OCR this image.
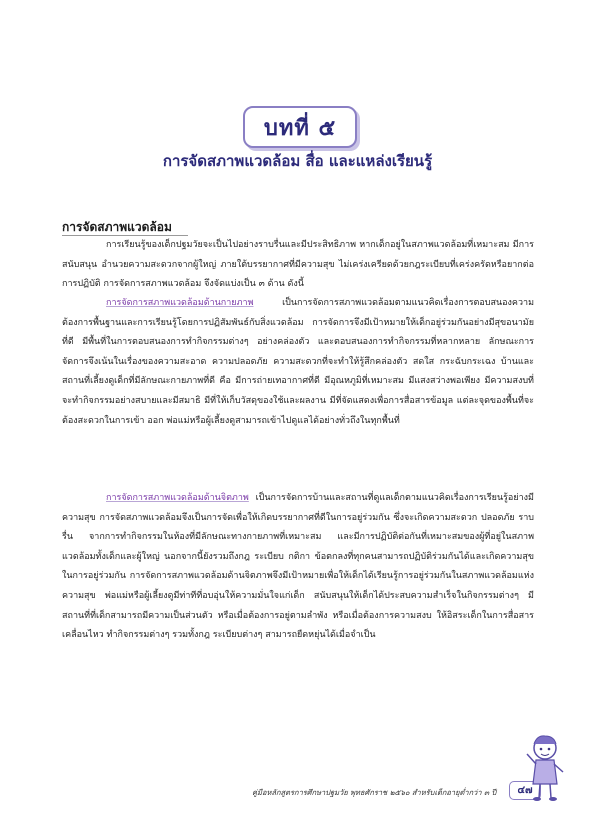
บทที่ ๕
การจัดสภาพแวดล้อม สื่อ และแหล่งเรียนรู้
การจัดสภาพแวดล้อม
การเรียนรู้ของเด็กปฐมวัยจะเป็นไปอย่างราบรื่นและมีประสิทธิภาพ หากเด็กอยู่ในสภาพแวดล้อมที่เหมาะสม มีการสนับสนุน อำนวยความสะดวกจากผู้ใหญ่ ภายใต้บรรยากาศที่มีความสุข ไม่เคร่งเครียดด้วยกฎระเบียบที่เคร่งครัดหรือยากต่อการปฏิบัติ การจัดการสภาพแวดล้อม จึงจัดแบ่งเป็น ๓ ด้าน ดังนี้
การจัดการสภาพแวดล้อมด้านกายภาพ เป็นการจัดการสภาพแวดล้อมตามแนวคิดเรื่องการตอบสนองความต้องการพื้นฐานและการเรียนรู้โดยการปฏิสัมพันธ์กับสิ่งแวดล้อม การจัดการจึงมีเป้าหมายให้เด็กอยู่ร่วมกันอย่างมีสุขอนามัยที่ดี มีพื้นที่ในการตอบสนองการทำกิจกรรมต่างๆ อย่างคล่องตัว และตอบสนองการทำกิจกรรมที่หลากหลาย ลักษณะการจัดการจึงเน้นในเรื่องของความสะอาด ความปลอดภัย ความสะดวกที่จะทำให้รู้สึกคล่องตัว สดใส กระฉับกระเฉง บ้านและสถานที่เลี้ยงดูเด็กที่มีลักษณะกายภาพที่ดี คือ มีการถ่ายเทอากาศที่ดี มีอุณหภูมิที่เหมาะสม มีแสงสว่างพอเพียง มีความสงบที่จะทำกิจกรรมอย่างสบายและมีสมาธิ มีที่ให้เก็บวัสดุของใช้และผลงาน มีที่จัดแสดงเพื่อการสื่อสารข้อมูล แต่ละจุดของพื้นที่จะต้องสะดวกในการเข้า ออก พ่อแม่หรือผู้เลี้ยงดูสามารถเข้าไปดูแลได้อย่างทั่วถึงในทุกพื้นที่
การจัดการสภาพแวดล้อมด้านจิตภาพ เป็นการจัดการบ้านและสถานที่ดูแลเด็กตามแนวคิดเรื่องการเรียนรู้อย่างมีความสุข การจัดสภาพแวดล้อมจึงเป็นการจัดเพื่อให้เกิดบรรยากาศที่ดีในการอยู่ร่วมกัน ซึ่งจะเกิดความสะดวก ปลอดภัย ราบรื่น จากการทำกิจกรรมในห้องที่มีลักษณะทางกายภาพที่เหมาะสม และมีการปฏิบัติต่อกันที่เหมาะสมของผู้ที่อยู่ในสภาพแวดล้อมทั้งเด็กและผู้ใหญ่ นอกจากนี้ยังรวมถึงกฎ ระเบียบ กติกา ข้อตกลงที่ทุกคนสามารถปฏิบัติร่วมกันได้และเกิดความสุขในการอยู่ร่วมกัน การจัดการสภาพแวดล้อมด้านจิตภาพจึงมีเป้าหมายเพื่อให้เด็กได้เรียนรู้การอยู่ร่วมกันในสภาพแวดล้อมแห่งความสุข พ่อแม่หรือผู้เลี้ยงดูมีท่าทีที่อบอุ่นให้ความมั่นใจแก่เด็ก สนับสนุนให้เด็กได้ประสบความสำเร็จในกิจกรรมต่างๆ มีสถานที่ที่เด็กสามารถมีความเป็นส่วนตัว หรือเมื่อต้องการอยู่ตามลำพัง หรือเมื่อต้องการความสงบ ให้อิสระเด็กในการสื่อสาร เคลื่อนไหว ทำกิจกรรมต่างๆ รวมทั้งกฎ ระเบียบต่างๆ สามารถยืดหยุ่นได้เมื่อจำเป็น
คู่มือหลักสูตรการศึกษาปฐมวัย พุทธศักราช ๒๕๖๐ สำหรับเด็กอายุต่ำกว่า ๓ ปี	๔๗
